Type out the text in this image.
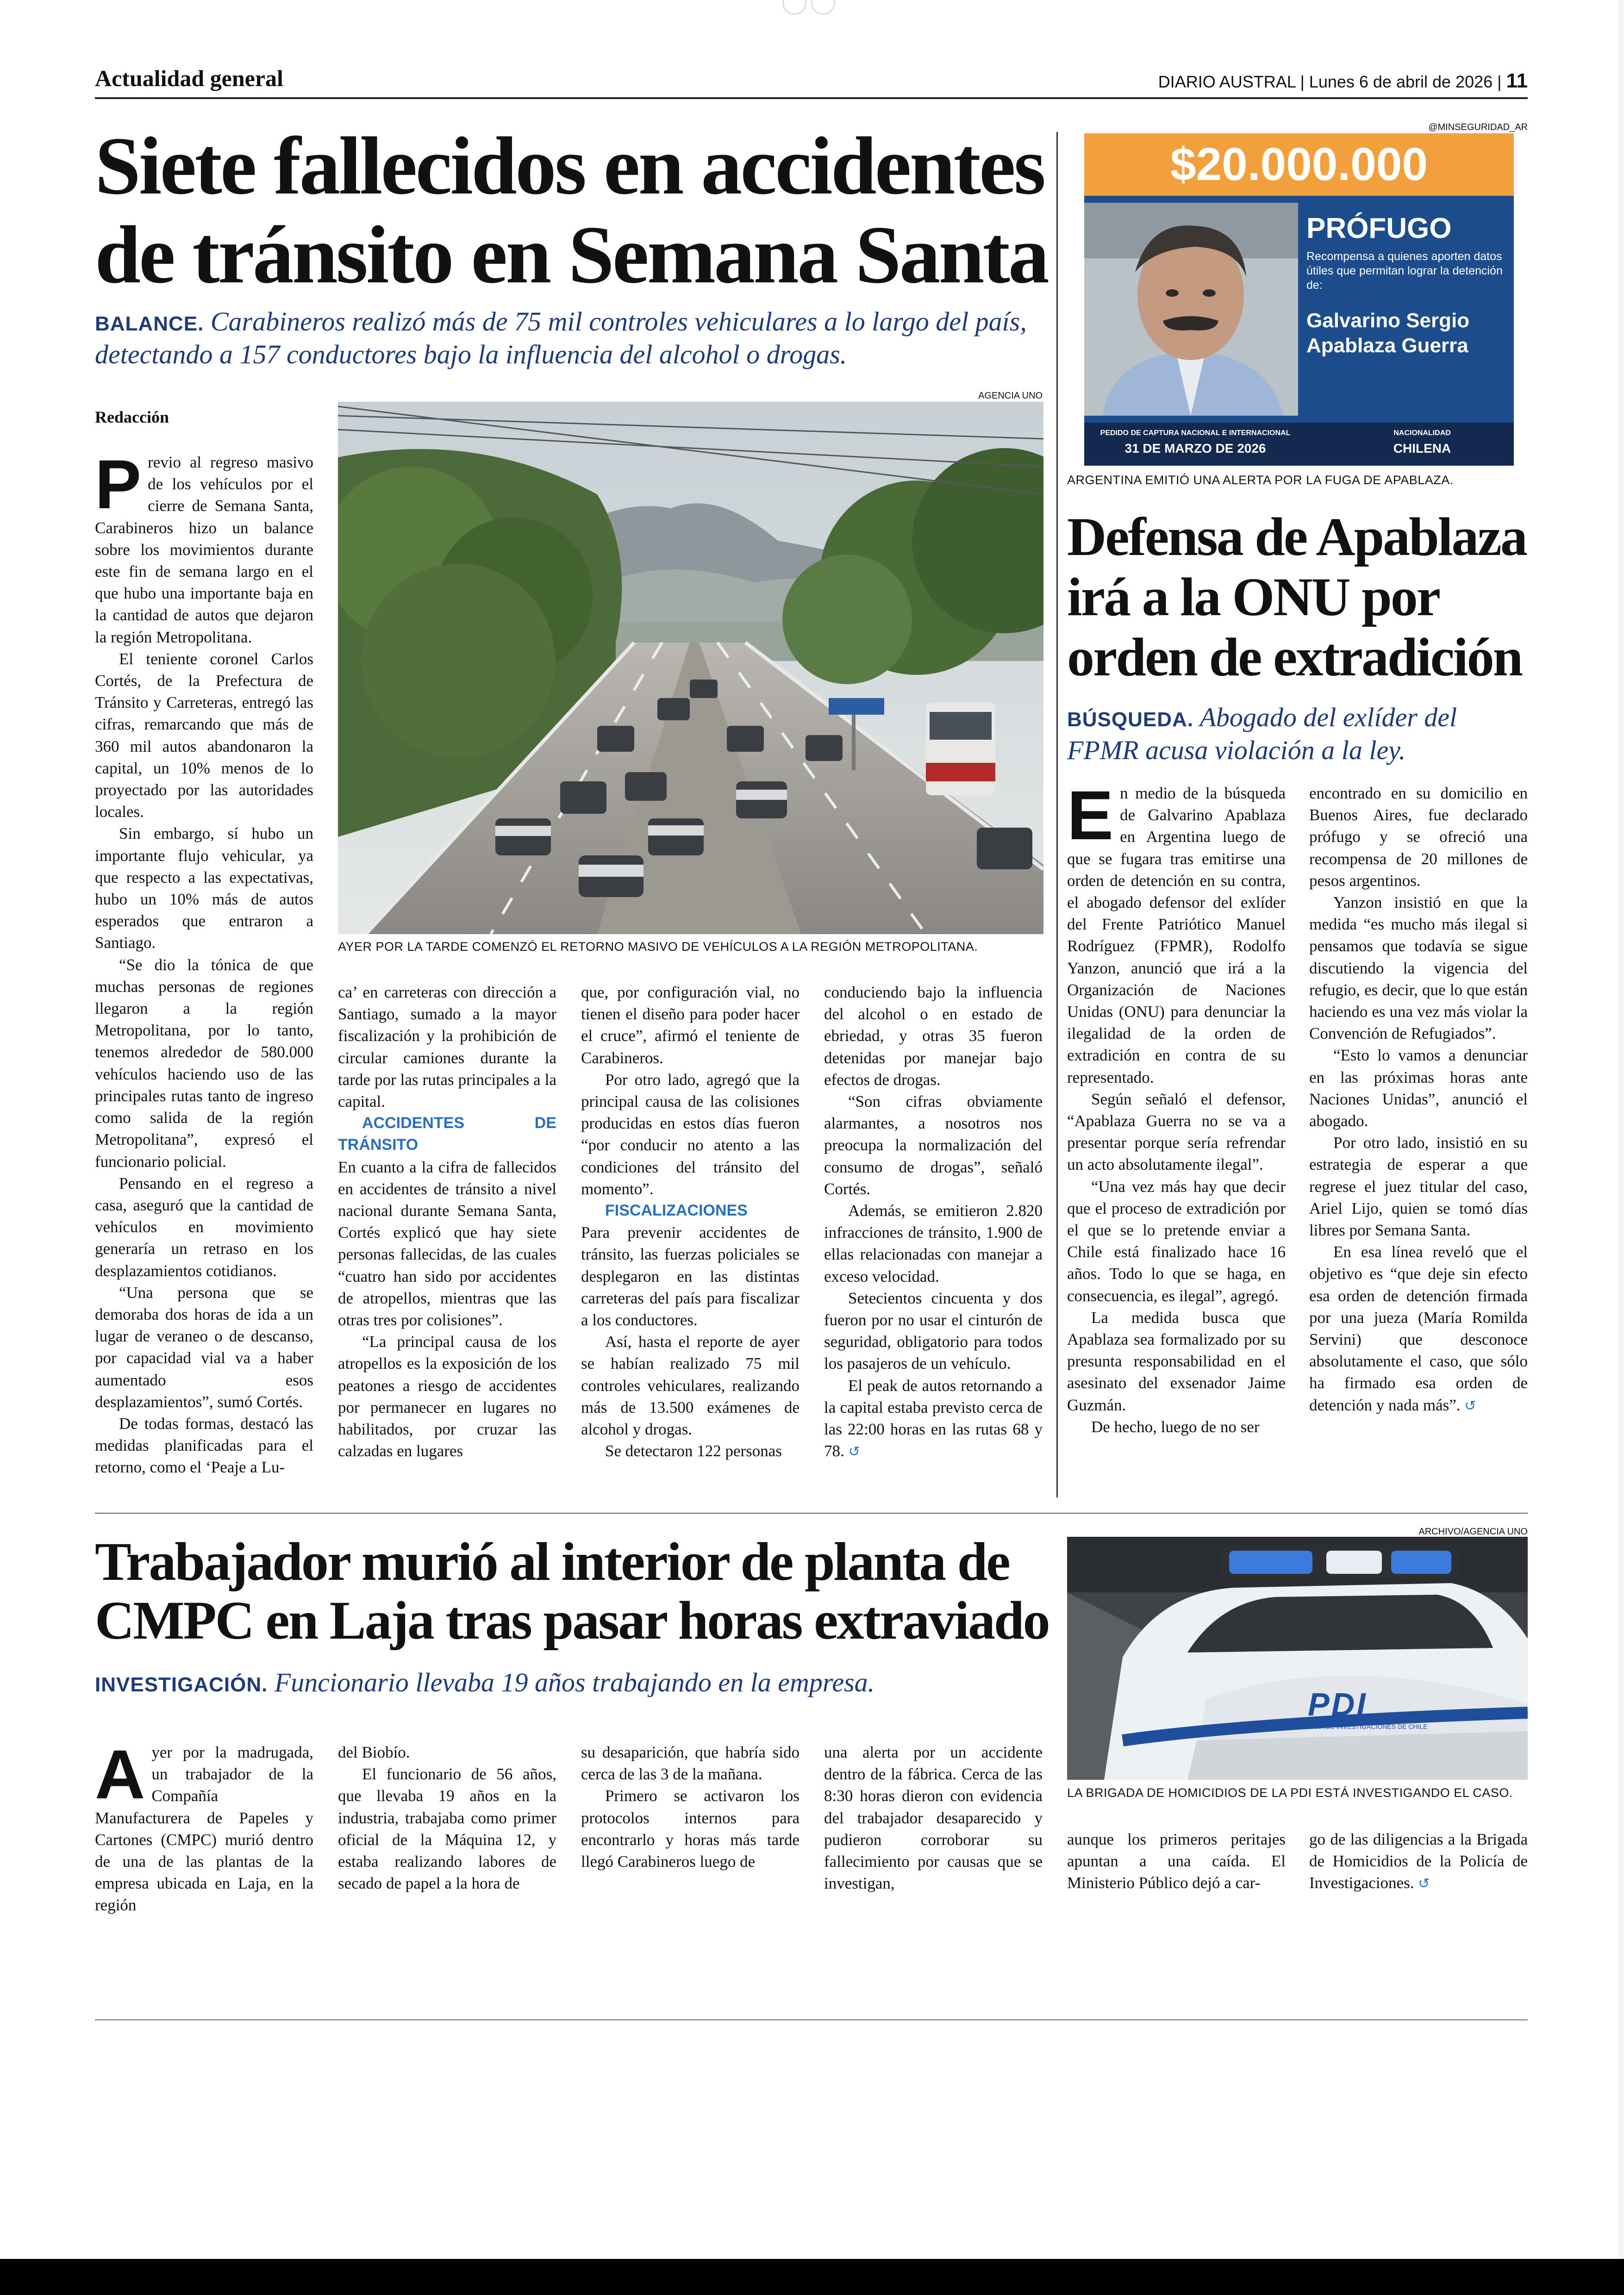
Actualidad general	DIARIO AUSTRAL | Lunes 6 de abril de 2026 | 11
Siete fallecidos en accidentes
de tránsito en Semana Santa
BALANCE. Carabineros realizó más de 75 mil controles vehiculares a lo largo del país, detectando a 157 conductores bajo la influencia del alcohol o drogas.
Redacción
AGENCIA UNO
AYER POR LA TARDE COMENZÓ EL RETORNO MASIVO DE VEHÍCULOS A LA REGIÓN METROPOLITANA.
P revio al regreso masivo de los vehículos por el cierre de Semana Santa, Carabineros hizo un balance sobre los movimientos durante este fin de semana largo en el que hubo una importante baja en la cantidad de autos que dejaron la región Metropolitana.

El teniente coronel Carlos Cortés, de la Prefectura de Tránsito y Carreteras, entregó las cifras, remarcando que más de 360 mil autos abandonaron la capital, un 10% menos de lo proyectado por las autoridades locales.

Sin embargo, sí hubo un importante flujo vehicular, ya que respecto a las expectativas, hubo un 10% más de autos esperados que entraron a Santiago.

“Se dio la tónica de que muchas personas de regiones llegaron a la región Metropolitana, por lo tanto, tenemos alrededor de 580.000 vehículos haciendo uso de las principales rutas tanto de ingreso como salida de la región Metropolitana”, expresó el funcionario policial.

Pensando en el regreso a casa, aseguró que la cantidad de vehículos en movimiento generaría un retraso en los desplazamientos cotidianos.

“Una persona que se demoraba dos horas de ida a un lugar de veraneo o de descanso, por capacidad vial va a haber aumentado esos desplazamientos”, sumó Cortés.

De todas formas, destacó las medidas planificadas para el retorno, como el ‘Peaje a Lu-

ca’ en carreteras con dirección a Santiago, sumado a la mayor fiscalización y la prohibición de circular camiones durante la tarde por las rutas principales a la capital.

ACCIDENTES DE TRÁNSITO

En cuanto a la cifra de fallecidos en accidentes de tránsito a nivel nacional durante Semana Santa, Cortés explicó que hay siete personas fallecidas, de las cuales “cuatro han sido por accidentes de atropellos, mientras que las otras tres por colisiones”.

“La principal causa de los atropellos es la exposición de los peatones a riesgo de accidentes por permanecer en lugares no habilitados, por cruzar las calzadas en lugares

que, por configuración vial, no tienen el diseño para poder hacer el cruce”, afirmó el teniente de Carabineros.

Por otro lado, agregó que la principal causa de las colisiones producidas en estos días fueron “por conducir no atento a las condiciones del tránsito del momento”.

FISCALIZACIONES

Para prevenir accidentes de tránsito, las fuerzas policiales se desplegaron en las distintas carreteras del país para fiscalizar a los conductores.

Así, hasta el reporte de ayer se habían realizado 75 mil controles vehiculares, realizando más de 13.500 exámenes de alcohol y drogas.

Se detectaron 122 personas

conduciendo bajo la influencia del alcohol o en estado de ebriedad, y otras 35 fueron detenidas por manejar bajo efectos de drogas.

“Son cifras obviamente alarmantes, a nosotros nos preocupa la normalización del consumo de drogas”, señaló Cortés.

Además, se emitieron 2.820 infracciones de tránsito, 1.900 de ellas relacionadas con manejar a exceso velocidad.

Setecientos cincuenta y dos fueron por no usar el cinturón de seguridad, obligatorio para todos los pasajeros de un vehículo.

El peak de autos retornando a la capital estaba previsto cerca de las 22:00 horas en las rutas 68 y 78. ↺

@MINSEGURIDAD_AR
$20.000.000
PRÓFUGO
Recompensa a quienes aporten datos útiles que permitan lograr la detención de:
Galvarino Sergio
Apablaza Guerra
PEDIDO DE CAPTURA NACIONAL E INTERNACIONAL
31 DE MARZO DE 2026
NACIONALIDAD
CHILENA
ARGENTINA EMITIÓ UNA ALERTA POR LA FUGA DE APABLAZA.
Defensa de Apablaza
irá a la ONU por
orden de extradición
BÚSQUEDA. Abogado del exlíder del FPMR acusa violación a la ley.
E n medio de la búsqueda de Galvarino Apablaza en Argentina luego de que se fugara tras emitirse una orden de detención en su contra, el abogado defensor del exlíder del Frente Patriótico Manuel Rodríguez (FPMR), Rodolfo Yanzon, anunció que irá a la Organización de Naciones Unidas (ONU) para denunciar la ilegalidad de la orden de extradición en contra de su representado.

Según señaló el defensor, “Apablaza Guerra no se va a presentar porque sería refrendar un acto absolutamente ilegal”.

“Una vez más hay que decir que el proceso de extradición por el que se lo pretende enviar a Chile está finalizado hace 16 años. Todo lo que se haga, en consecuencia, es ilegal”, agregó.

La medida busca que Apablaza sea formalizado por su presunta responsabilidad en el asesinato del exsenador Jaime Guzmán.

De hecho, luego de no ser

encontrado en su domicilio en Buenos Aires, fue declarado prófugo y se ofreció una recompensa de 20 millones de pesos argentinos.

Yanzon insistió en que la medida “es mucho más ilegal si pensamos que todavía se sigue discutiendo la vigencia del refugio, es decir, que lo que están haciendo es una vez más violar la Convención de Refugiados”.

“Esto lo vamos a denunciar en las próximas horas ante Naciones Unidas”, anunció el abogado.

Por otro lado, insistió en su estrategia de esperar a que regrese el juez titular del caso, Ariel Lijo, quien se tomó días libres por Semana Santa.

En esa línea reveló que el objetivo es “que deje sin efecto esa orden de detención firmada por una jueza (María Romilda Servini) que desconoce absolutamente el caso, que sólo ha firmado esa orden de detención y nada más”. ↺

Trabajador murió al interior de planta de
CMPC en Laja tras pasar horas extraviado
INVESTIGACIÓN. Funcionario llevaba 19 años trabajando en la empresa.
ARCHIVO/AGENCIA UNO
PDI
POLICÍA DE INVESTIGACIONES DE CHILE
LA BRIGADA DE HOMICIDIOS DE LA PDI ESTÁ INVESTIGANDO EL CASO.
A yer por la madrugada, un trabajador de la Compañía Manufacturera de Papeles y Cartones (CMPC) murió dentro de una de las plantas de la empresa ubicada en Laja, en la región

del Biobío.

El funcionario de 56 años, que llevaba 19 años en la industria, trabajaba como primer oficial de la Máquina 12, y estaba realizando labores de secado de papel a la hora de

su desaparición, que habría sido cerca de las 3 de la mañana.

Primero se activaron los protocolos internos para encontrarlo y horas más tarde llegó Carabineros luego de

una alerta por un accidente dentro de la fábrica. Cerca de las 8:30 horas dieron con evidencia del trabajador desaparecido y pudieron corroborar su fallecimiento por causas que se investigan,

aunque los primeros peritajes apuntan a una caída. El Ministerio Público dejó a car-

go de las diligencias a la Brigada de Homicidios de la Policía de Investigaciones. ↺
